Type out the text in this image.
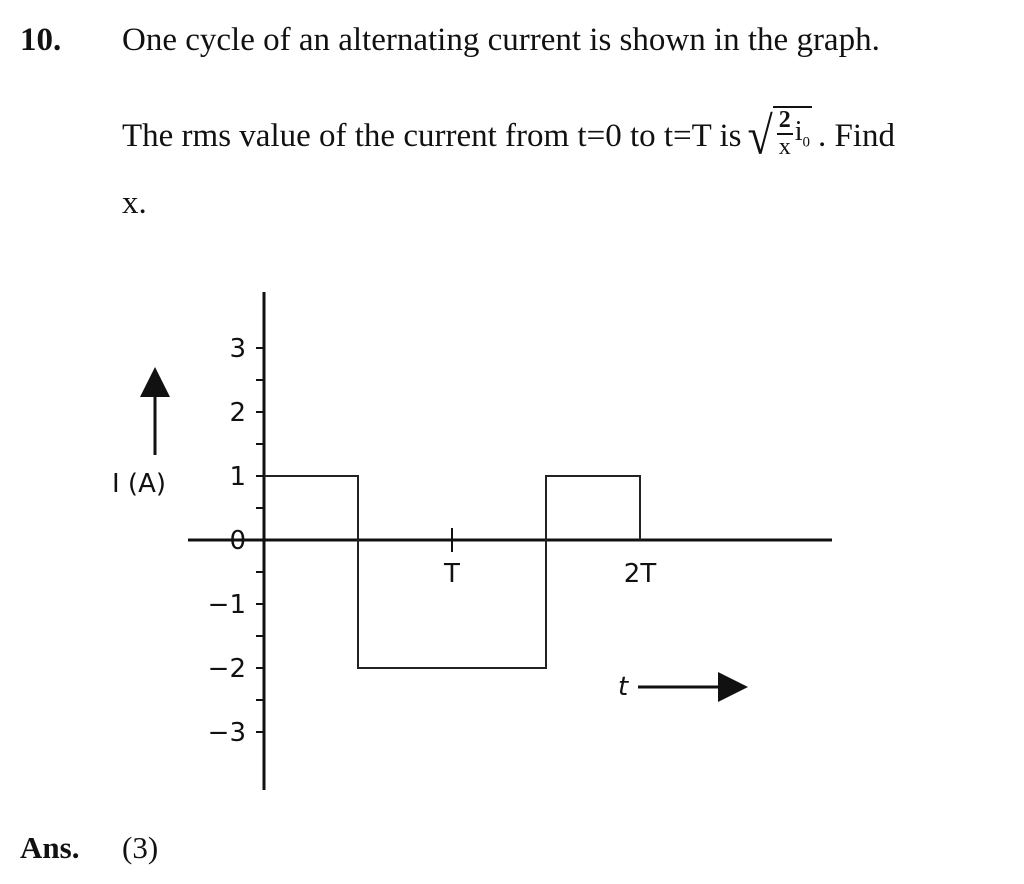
10. One cycle of an alternating current is shown in the graph.
The rms value of the current from t=0 to t=T is √ $\frac{2}{x} i_0$ . Find
x.
3
2
1
0
−1
−2
−3
T	2T
I (A)
t
Ans. (3)
